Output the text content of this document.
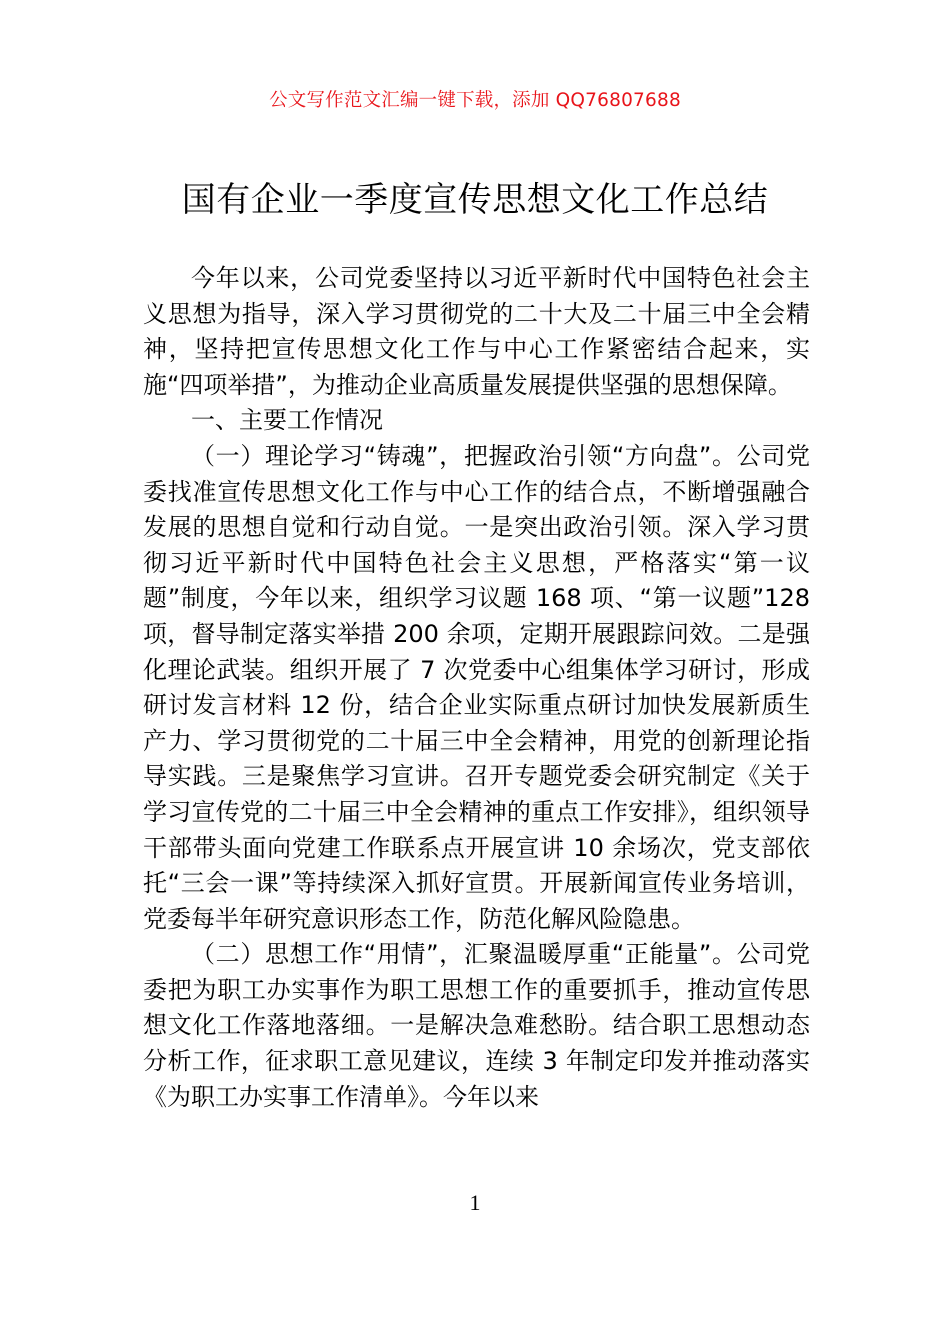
公文写作范文汇编一键下载，添加 QQ76807688
国有企业一季度宣传思想文化工作总结

今年以来，公司党委坚持以习近平新时代中国特色社会主义思想为指导，深入学习贯彻党的二十大及二十届三中全会精神，坚持把宣传思想文化工作与中心工作紧密结合起来，实施“四项举措”，为推动企业高质量发展提供坚强的思想保障。

一、主要工作情况

（一）理论学习“铸魂”，把握政治引领“方向盘”。公司党委找准宣传思想文化工作与中心工作的结合点，不断增强融合发展的思想自觉和行动自觉。一是突出政治引领。深入学习贯彻习近平新时代中国特色社会主义思想，严格落实“第一议题”制度，今年以来，组织学习议题 168 项、“第一议题”128 项，督导制定落实举措 200 余项，定期开展跟踪问效。二是强化理论武装。组织开展了 7 次党委中心组集体学习研讨，形成研讨发言材料 12 份，结合企业实际重点研讨加快发展新质生产力、学习贯彻党的二十届三中全会精神，用党的创新理论指导实践。三是聚焦学习宣讲。召开专题党委会研究制定《关于学习宣传党的二十届三中全会精神的重点工作安排》，组织领导干部带头面向党建工作联系点开展宣讲 10 余场次，党支部依托“三会一课”等持续深入抓好宣贯。开展新闻宣传业务培训，党委每半年研究意识形态工作，防范化解风险隐患。

（二）思想工作“用情”，汇聚温暖厚重“正能量”。公司党委把为职工办实事作为职工思想工作的重要抓手，推动宣传思想文化工作落地落细。一是解决急难愁盼。结合职工思想动态分析工作，征求职工意见建议，连续 3 年制定印发并推动落实《为职工办实事工作清单》。今年以来

1
